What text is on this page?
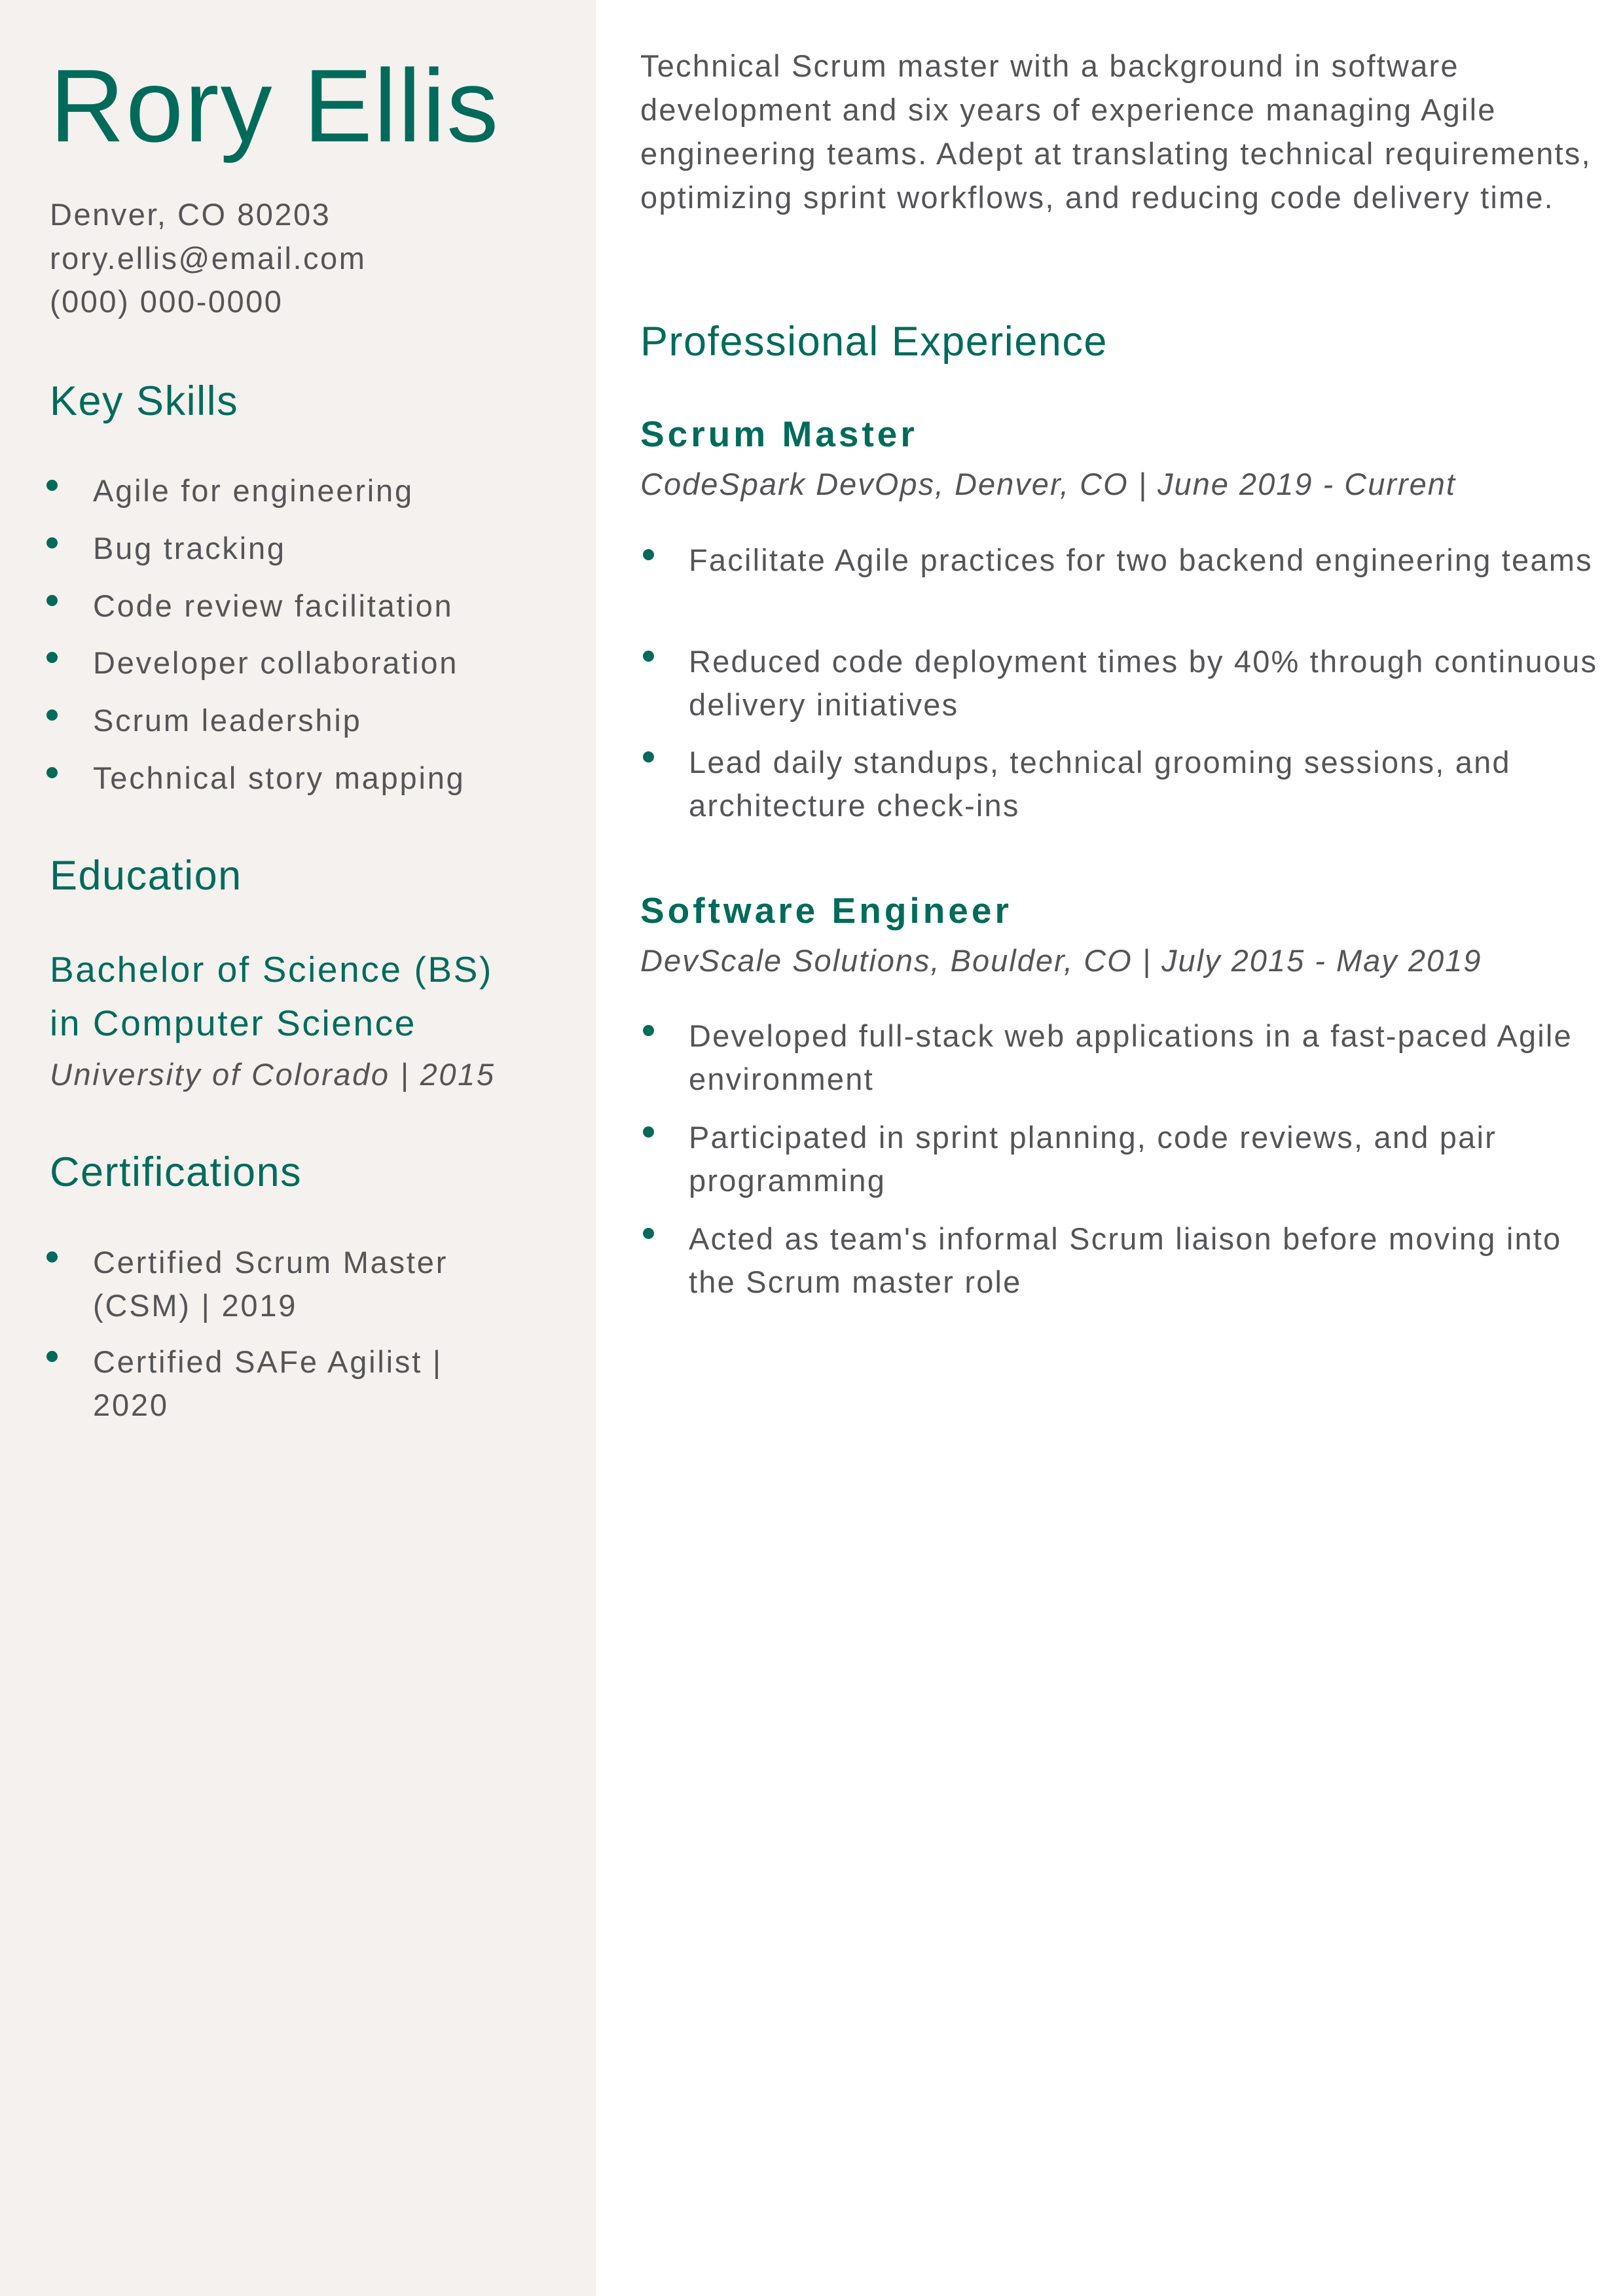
Rory Ellis
Denver, CO 80203
rory.ellis@email.com
(000) 000-0000
Key Skills
Agile for engineering
Bug tracking
Code review facilitation
Developer collaboration
Scrum leadership
Technical story mapping
Education
Bachelor of Science (BS)
in Computer Science
University of Colorado | 2015
Certifications
Certified Scrum Master
(CSM) | 2019
Certified SAFe Agilist |
2020
Technical Scrum master with a background in software development and six years of experience managing Agile engineering teams. Adept at translating technical requirements, optimizing sprint workflows, and reducing code delivery time.
Professional Experience
Scrum Master
CodeSpark DevOps, Denver, CO | June 2019 - Current
Facilitate Agile practices for two backend engineering teams
Reduced code deployment times by 40% through continuous delivery initiatives
Lead daily standups, technical grooming sessions, and architecture check-ins
Software Engineer
DevScale Solutions, Boulder, CO | July 2015 - May 2019
Developed full-stack web applications in a fast-paced Agile environment
Participated in sprint planning, code reviews, and pair programming
Acted as team's informal Scrum liaison before moving into the Scrum master role
